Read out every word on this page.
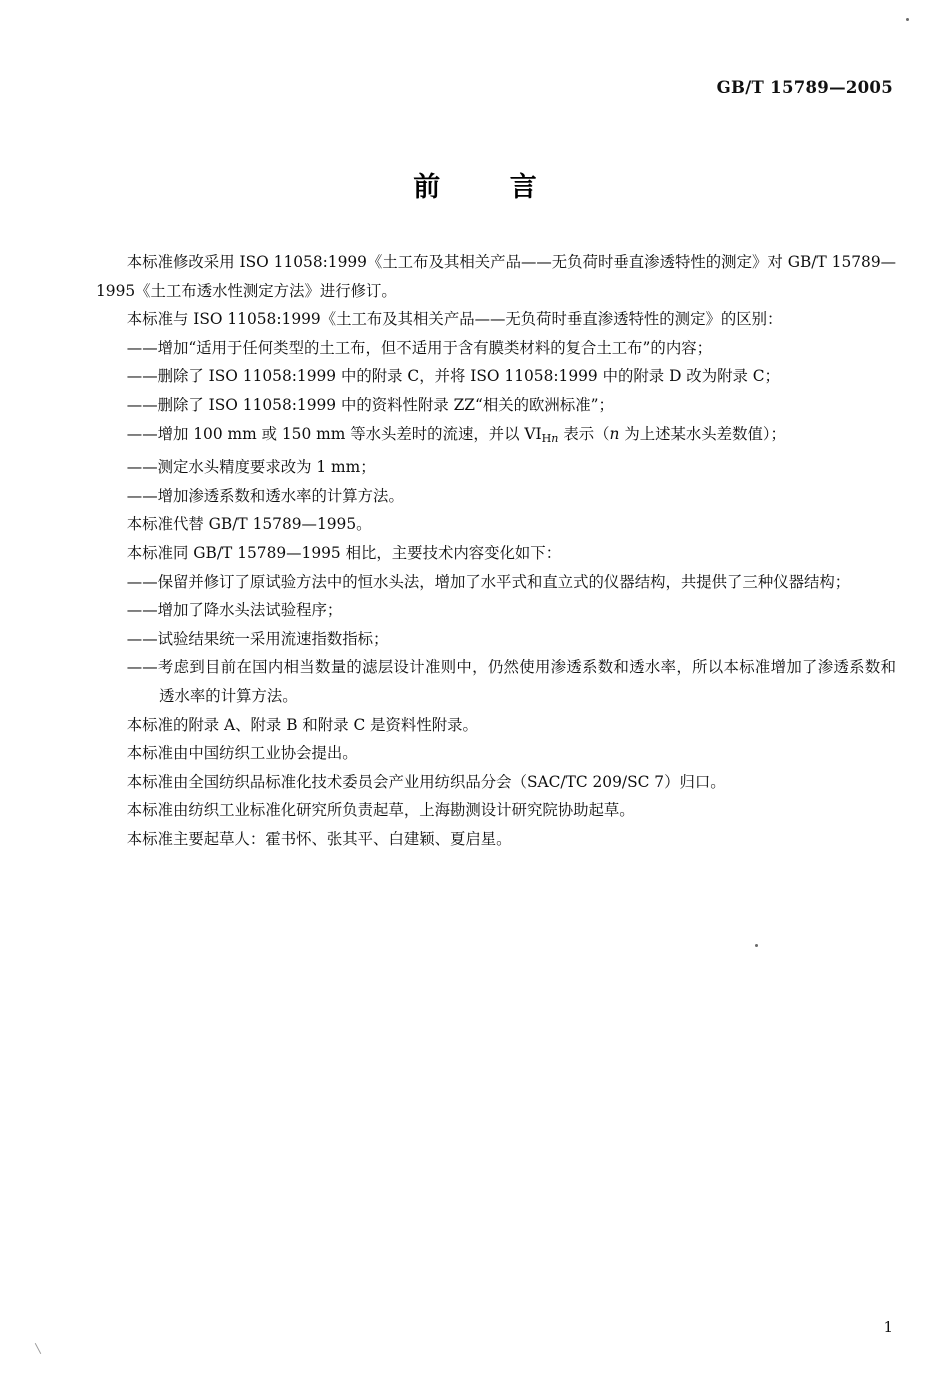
GB/T 15789—2005
前 言

本标准修改采用 ISO 11058:1999《土工布及其相关产品——无负荷时垂直渗透特性的测定》对 GB/T 15789—1995《土工布透水性测定方法》进行修订。

本标准与 ISO 11058:1999《土工布及其相关产品——无负荷时垂直渗透特性的测定》的区别：

——增加“适用于任何类型的土工布，但不适用于含有膜类材料的复合土工布”的内容；

——删除了 ISO 11058:1999 中的附录 C，并将 ISO 11058:1999 中的附录 D 改为附录 C；

——删除了 ISO 11058:1999 中的资料性附录 ZZ“相关的欧洲标准”；

——增加 100 mm 或 150 mm 等水头差时的流速，并以 $VI_{Hn}$ 表示（n 为上述某水头差数值）；

——测定水头精度要求改为 1 mm；

——增加渗透系数和透水率的计算方法。

本标准代替 GB/T 15789—1995。

本标准同 GB/T 15789—1995 相比，主要技术内容变化如下：

——保留并修订了原试验方法中的恒水头法，增加了水平式和直立式的仪器结构，共提供了三种仪器结构；

——增加了降水头法试验程序；

——试验结果统一采用流速指数指标；

——考虑到目前在国内相当数量的滤层设计准则中，仍然使用渗透系数和透水率，所以本标准增加了渗透系数和透水率的计算方法。

本标准的附录 A、附录 B 和附录 C 是资料性附录。

本标准由中国纺织工业协会提出。

本标准由全国纺织品标准化技术委员会产业用纺织品分会（SAC/TC 209/SC 7）归口。

本标准由纺织工业标准化研究所负责起草，上海勘测设计研究院协助起草。

本标准主要起草人：霍书怀、张其平、白建颖、夏启星。

1
